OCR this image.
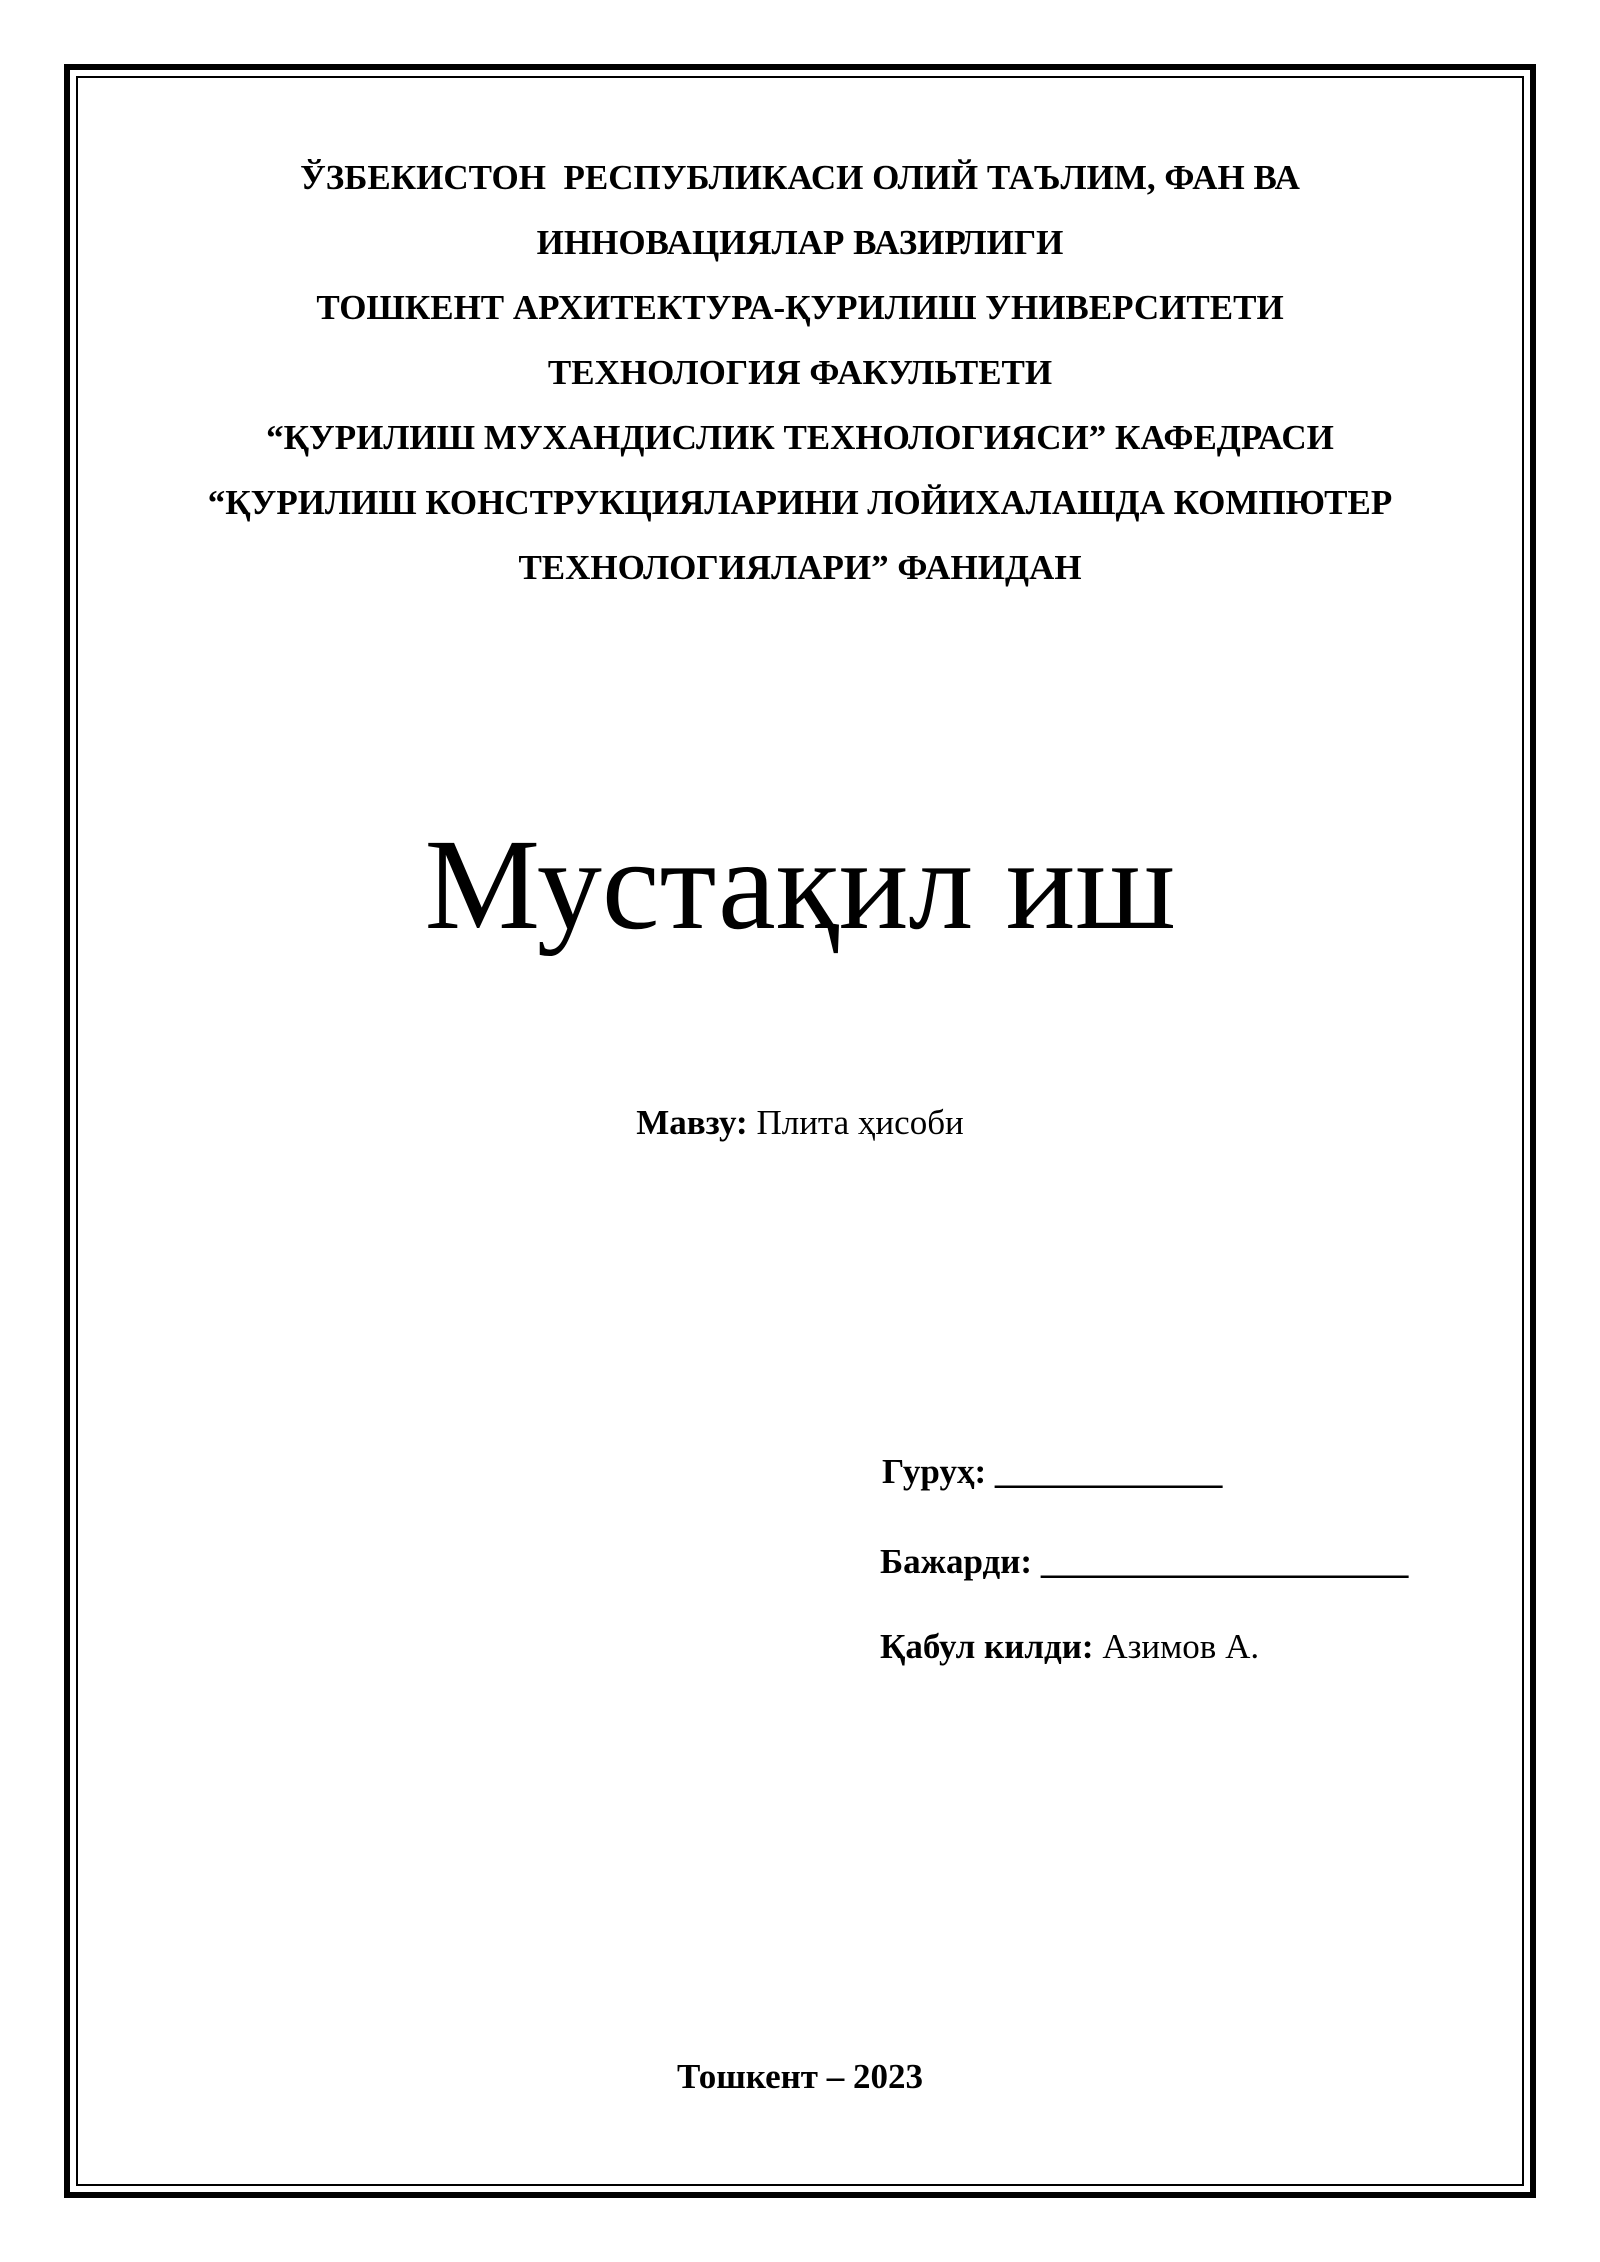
ЎЗБЕКИСТОН  РЕСПУБЛИКАСИ ОЛИЙ ТАЪЛИМ, ФАН ВА
ИННОВАЦИЯЛАР ВАЗИРЛИГИ
ТОШКЕНТ АРХИТЕКТУРА-ҚУРИЛИШ УНИВЕРСИТЕТИ
ТЕХНОЛОГИЯ ФАКУЛЬТЕТИ
“ҚУРИЛИШ МУХАНДИСЛИК ТЕХНОЛОГИЯСИ” КАФЕДРАСИ
“ҚУРИЛИШ КОНСТРУКЦИЯЛАРИНИ ЛОЙИХАЛАШДА КОМПЮТЕР
ТЕХНОЛОГИЯЛАРИ” ФАНИДАН
Мустақил иш
Мавзу: Плита ҳисоби
Гуруҳ: _____________
Бажарди: _____________________
Қабул килди: Азимов А.
Тошкент – 2023
